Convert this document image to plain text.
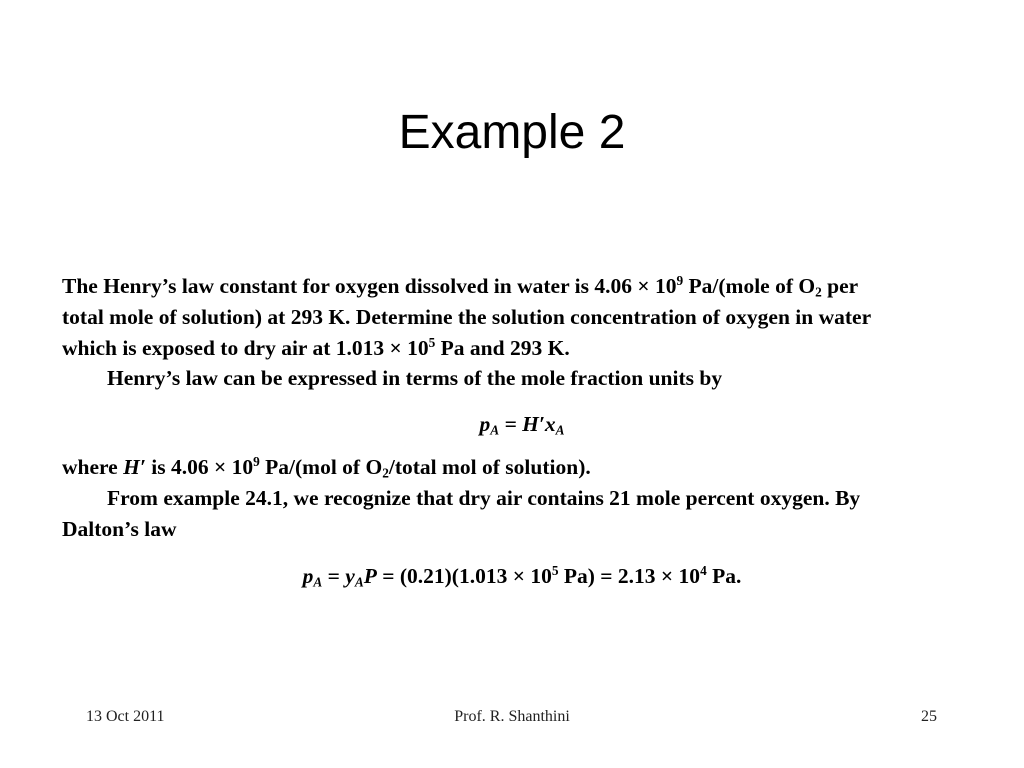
Example 2
The Henry’s law constant for oxygen dissolved in water is $4.06 \times 10^9$ Pa/(mole of $O_2$ per
total mole of solution) at 293 K. Determine the solution concentration of oxygen in water
which is exposed to dry air at $1.013 \times 10^5$ Pa and 293 K.
Henry’s law can be expressed in terms of the mole fraction units by
$p_A = H'x_A$
where H′ is $4.06 \times 10^9$ Pa/(mol of $O_2$/total mol of solution).
From example 24.1, we recognize that dry air contains 21 mole percent oxygen. By
Dalton’s law
$p_A = y_AP = (0.21)(1.013 \times 10^5$ $Pa) = 2.13 \times 10^4$ Pa.
13 Oct 2011	Prof. R. Shanthini	25
